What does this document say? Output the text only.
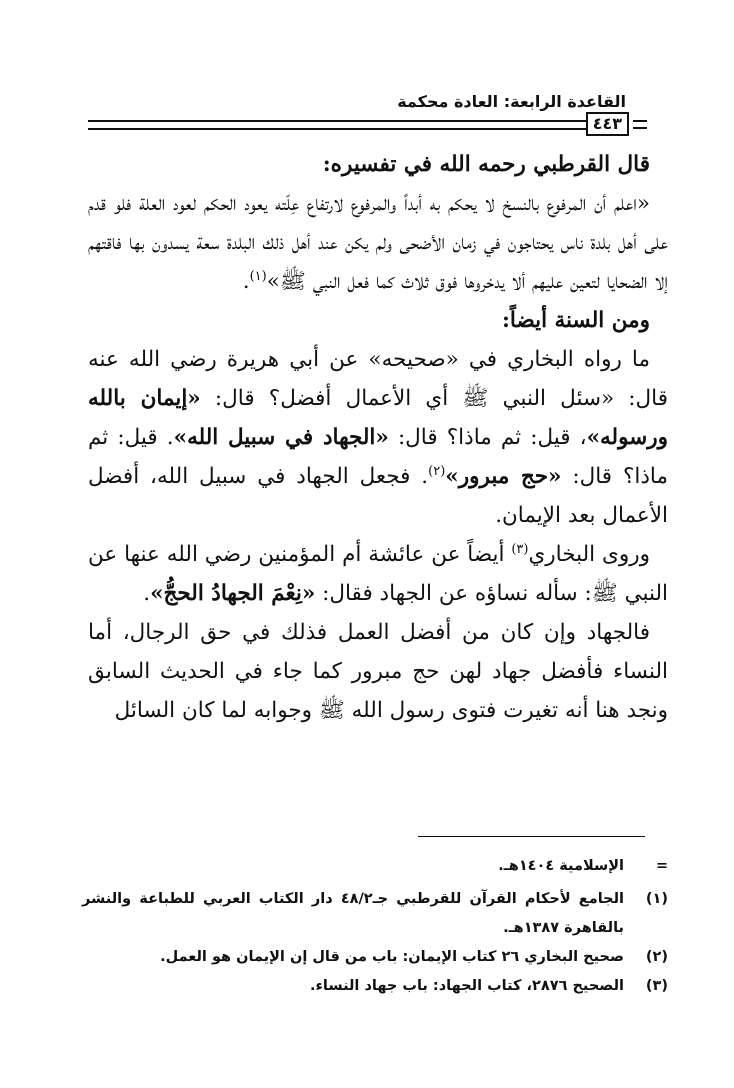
القاعدة الرابعة: العادة محكمة
٤٤٣

قال القرطبي رحمه الله في تفسيره:

«اعلم أن المرفوع بالنسخ لا يحكم به أبداً والمرفوع لارتفاع عِلّته يعود الحكم لعود العلة فلو قدم على أهل بلدة ناس يحتاجون في زمان الأضحى ولم يكن عند أهل ذلك البلدة سعة يسدون بها فاقتهم إلا الضحايا لتعين عليهم ألا يدخروها فوق ثلاث كما فعل النبي ﷺ»$^{(١)}$.

ومن السنة أيضاً:

ما رواه البخاري في «صحيحه» عن أبي هريرة رضي الله عنه قال: «سئل النبي ﷺ أي الأعمال أفضل؟ قال: «إيمان بالله ورسوله»، قيل: ثم ماذا؟ قال: «الجهاد في سبيل الله». قيل: ثم ماذا؟ قال: «حج مبرور»$^{(٢)}$. فجعل الجهاد في سبيل الله، أفضل الأعمال بعد الإيمان.

وروى البخاري$^{(٣)}$ أيضاً عن عائشة أم المؤمنين رضي الله عنها عن النبي ﷺ: سأله نساؤه عن الجهاد فقال: «نِعْمَ الجهادُ الحجُّ».

فالجهاد وإن كان من أفضل العمل فذلك في حق الرجال، أما النساء فأفضل جهاد لهن حج مبرور كما جاء في الحديث السابق ونجد هنا أنه تغيرت فتوى رسول الله ﷺ وجوابه لما كان السائل

=
الإسلامية ١٤٠٤هـ.
(١)
الجامع لأحكام القرآن للقرطبي جـ٤٨/٢ دار الكتاب العربي للطباعة والنشر بالقاهرة ١٣٨٧هـ.
(٢)
صحيح البخاري ٢٦ كتاب الإيمان: باب من قال إن الإيمان هو العمل.
(٣)
الصحيح ٢٨٧٦، كتاب الجهاد: باب جهاد النساء.
